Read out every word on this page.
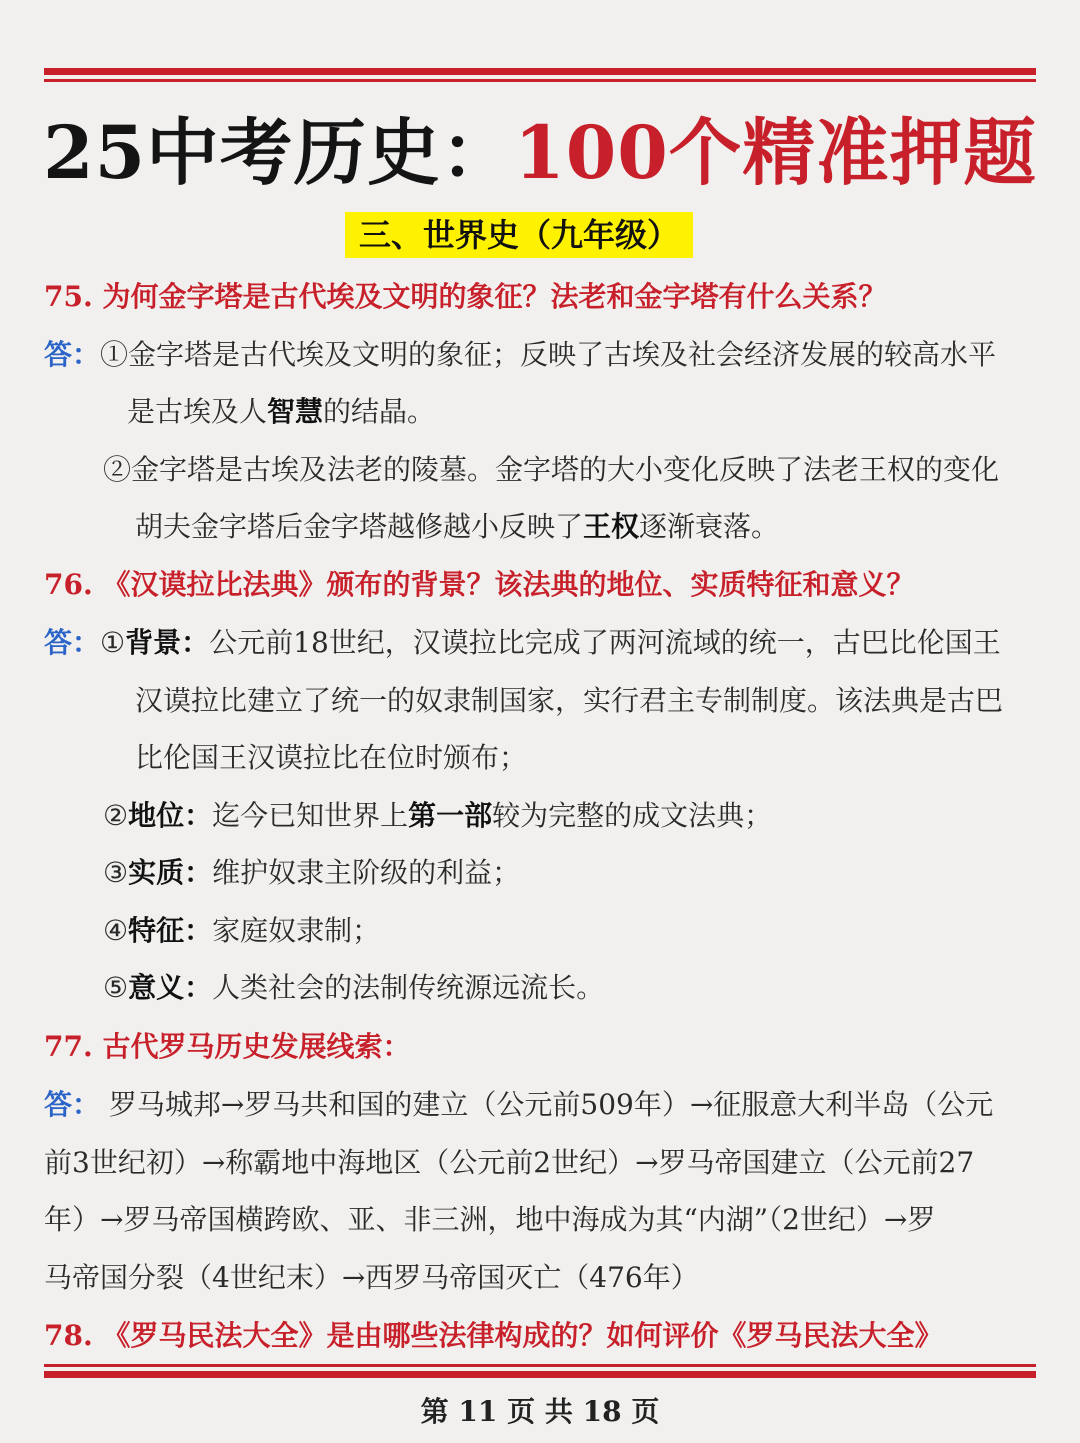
25中考历史：100个精准押题
三、世界史（九年级）
75. 为何金字塔是古代埃及文明的象征？法老和金字塔有什么关系？
答：①金字塔是古代埃及文明的象征；反映了古埃及社会经济发展的较高水平
是古埃及人智慧的结晶。
②金字塔是古埃及法老的陵墓。金字塔的大小变化反映了法老王权的变化
胡夫金字塔后金字塔越修越小反映了王权逐渐衰落。
76. 《汉谟拉比法典》颁布的背景？该法典的地位、实质特征和意义？
答：①背景：公元前18世纪，汉谟拉比完成了两河流域的统一，古巴比伦国王
汉谟拉比建立了统一的奴隶制国家，实行君主专制制度。该法典是古巴
比伦国王汉谟拉比在位时颁布；
②地位：迄今已知世界上第一部较为完整的成文法典；
③实质：维护奴隶主阶级的利益；
④特征：家庭奴隶制；
⑤意义：人类社会的法制传统源远流长。
77. 古代罗马历史发展线索：
答： 罗马城邦→罗马共和国的建立（公元前509年）→征服意大利半岛（公元
前3世纪初）→称霸地中海地区（公元前2世纪）→罗马帝国建立（公元前27
年）→罗马帝国横跨欧、亚、非三洲，地中海成为其“内湖”（2世纪）→罗
马帝国分裂（4世纪末）→西罗马帝国灭亡（476年）
78. 《罗马民法大全》是由哪些法律构成的？如何评价《罗马民法大全》
第 11 页 共 18 页
